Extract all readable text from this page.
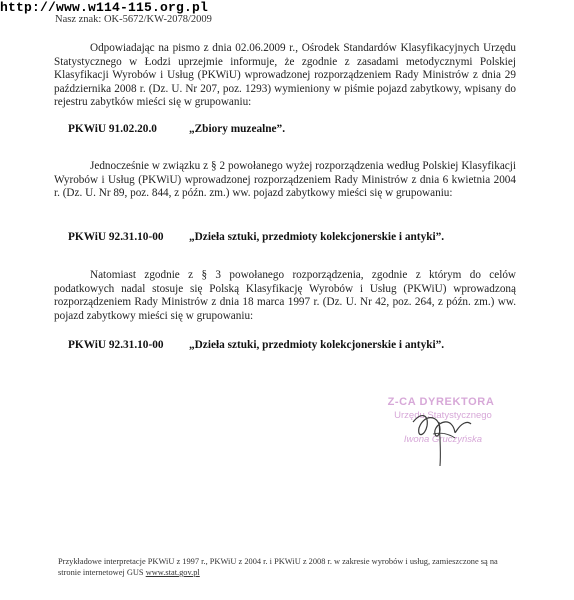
http://www.w114-115.org.pl
Nasz znak: OK-5672/KW-2078/2009
Odpowiadając na pismo z dnia 02.06.2009 r., Ośrodek Standardów Klasyfikacyjnych Urzędu Statystycznego w Łodzi uprzejmie informuje, że zgodnie z zasadami metodycznymi Polskiej Klasyfikacji Wyrobów i Usług (PKWiU) wprowadzonej rozporządzeniem Rady Ministrów z dnia 29 października 2008 r. (Dz. U. Nr 207, poz. 1293) wymieniony w piśmie pojazd zabytkowy, wpisany do rejestru zabytków mieści się w grupowaniu:
PKWiU 91.02.20.0	„Zbiory muzealne”.
Jednocześnie w związku z § 2 powołanego wyżej rozporządzenia według Polskiej Klasyfikacji Wyrobów i Usług (PKWiU) wprowadzonej rozporządzeniem Rady Ministrów z dnia 6 kwietnia 2004 r. (Dz. U. Nr 89, poz. 844, z późn. zm.) ww. pojazd zabytkowy mieści się w grupowaniu:
PKWiU 92.31.10-00 „Dzieła sztuki, przedmioty kolekcjonerskie i antyki”.
Natomiast zgodnie z § 3 powołanego rozporządzenia, zgodnie z którym do celów podatkowych nadal stosuje się Polską Klasyfikację Wyrobów i Usług (PKWiU) wprowadzoną rozporządzeniem Rady Ministrów z dnia 18 marca 1997 r. (Dz. U. Nr 42, poz. 264, z późn. zm.) ww. pojazd zabytkowy mieści się w grupowaniu:
PKWiU 92.31.10-00 „Dzieła sztuki, przedmioty kolekcjonerskie i antyki”.
Z-CA DYREKTORA
Urzędu Statystycznego
Iwona Gruczyńska
Przykładowe interpretacje PKWiU z 1997 r., PKWiU z 2004 r. i PKWiU z 2008 r. w zakresie wyrobów i usług, zamieszczone są na stronie internetowej GUS www.stat.gov.pl
